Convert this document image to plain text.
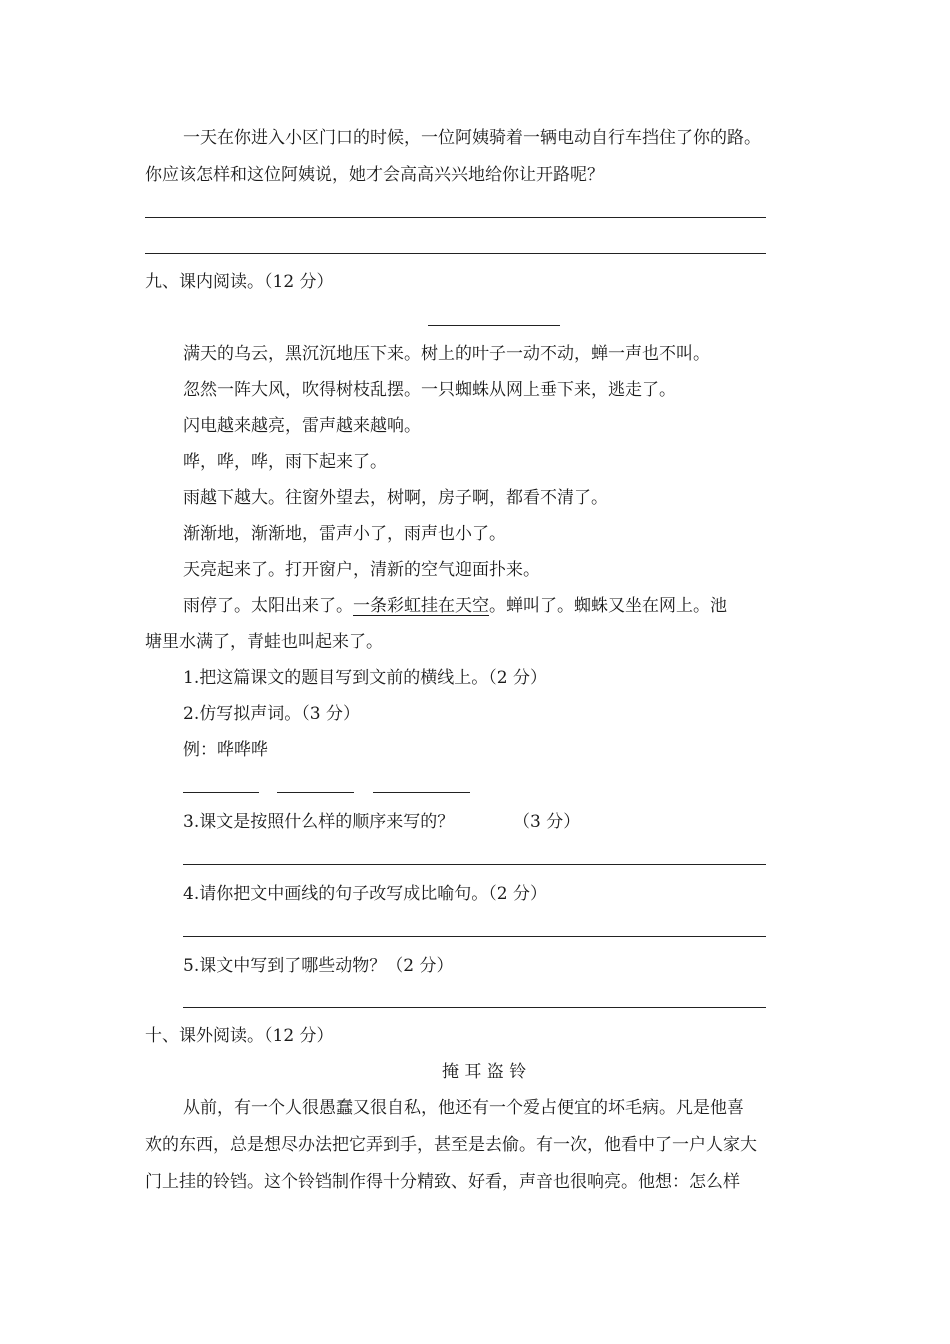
一天在你进入小区门口的时候，一位阿姨骑着一辆电动自行车挡住了你的路。
你应该怎样和这位阿姨说，她才会高高兴兴地给你让开路呢？
九、课内阅读。（12 分）
满天的乌云，黑沉沉地压下来。树上的叶子一动不动，蝉一声也不叫。
忽然一阵大风，吹得树枝乱摆。一只蜘蛛从网上垂下来，逃走了。
闪电越来越亮，雷声越来越响。
哗，哗，哗，雨下起来了。
雨越下越大。往窗外望去，树啊，房子啊，都看不清了。
渐渐地，渐渐地，雷声小了，雨声也小了。
天亮起来了。打开窗户，清新的空气迎面扑来。
雨停了。太阳出来了。一条彩虹挂在天空。蝉叫了。蜘蛛又坐在网上。池
塘里水满了，青蛙也叫起来了。
1.把这篇课文的题目写到文前的横线上。（2 分）
2.仿写拟声词。（3 分）
例：哗哗哗
3.课文是按照什么样的顺序来写的？	（3 分）
4.请你把文中画线的句子改写成比喻句。（2 分）
5.课文中写到了哪些动物？（2 分）
十、课外阅读。（12 分）
掩 耳 盗 铃
从前，有一个人很愚蠢又很自私，他还有一个爱占便宜的坏毛病。凡是他喜
欢的东西，总是想尽办法把它弄到手，甚至是去偷。有一次，他看中了一户人家大
门上挂的铃铛。这个铃铛制作得十分精致、好看，声音也很响亮。他想：怎么样
